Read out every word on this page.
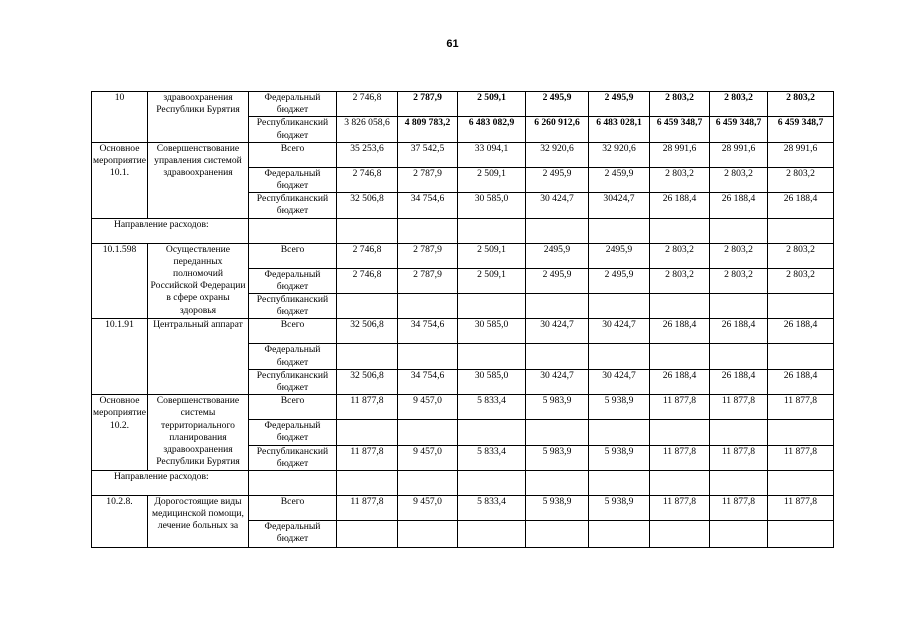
61
10	здравоохранения Республики Бурятия	Федеральный бюджет	2 746,8	2 787,9	2 509,1	2 495,9	2 495,9	2 803,2	2 803,2	2 803,2
		Республиканский бюджет	3 826 058,6	4 809 783,2	6 483 082,9	6 260 912,6	6 483 028,1	6 459 348,7	6 459 348,7	6 459 348,7
Основное мероприятие 10.1.	Совершенствование управления системой здравоохранения	Всего	35 253,6	37 542,5	33 094,1	32 920,6	32 920,6	28 991,6	28 991,6	28 991,6
		Федеральный бюджет	2 746,8	2 787,9	2 509,1	2 495,9	2 459,9	2 803,2	2 803,2	2 803,2
		Республиканский бюджет	32 506,8	34 754,6	30 585,0	30 424,7	30424,7	26 188,4	26 188,4	26 188,4
Направление расходов:										
10.1.598	Осуществление переданных полномочий Российской Федерации в сфере охраны здоровья	Всего	2 746,8	2 787,9	2 509,1	2495,9	2495,9	2 803,2	2 803,2	2 803,2
		Федеральный бюджет	2 746,8	2 787,9	2 509,1	2 495,9	2 495,9	2 803,2	2 803,2	2 803,2
		Республиканский бюджет								
10.1.91	Центральный аппарат	Всего	32 506,8	34 754,6	30 585,0	30 424,7	30 424,7	26 188,4	26 188,4	26 188,4
		Федеральный бюджет								
		Республиканский бюджет	32 506,8	34 754,6	30 585,0	30 424,7	30 424,7	26 188,4	26 188,4	26 188,4
Основное мероприятие 10.2.	Совершенствование системы территориального планирования здравоохранения Республики Бурятия	Всего	11 877,8	9 457,0	5 833,4	5 983,9	5 938,9	11 877,8	11 877,8	11 877,8
		Федеральный бюджет								
		Республиканский бюджет	11 877,8	9 457,0	5 833,4	5 983,9	5 938,9	11 877,8	11 877,8	11 877,8
Направление расходов:										
10.2.8.	Дорогостоящие виды медицинской помощи, лечение больных за	Всего	11 877,8	9 457,0	5 833,4	5 938,9	5 938,9	11 877,8	11 877,8	11 877,8
		Федеральный бюджет								
